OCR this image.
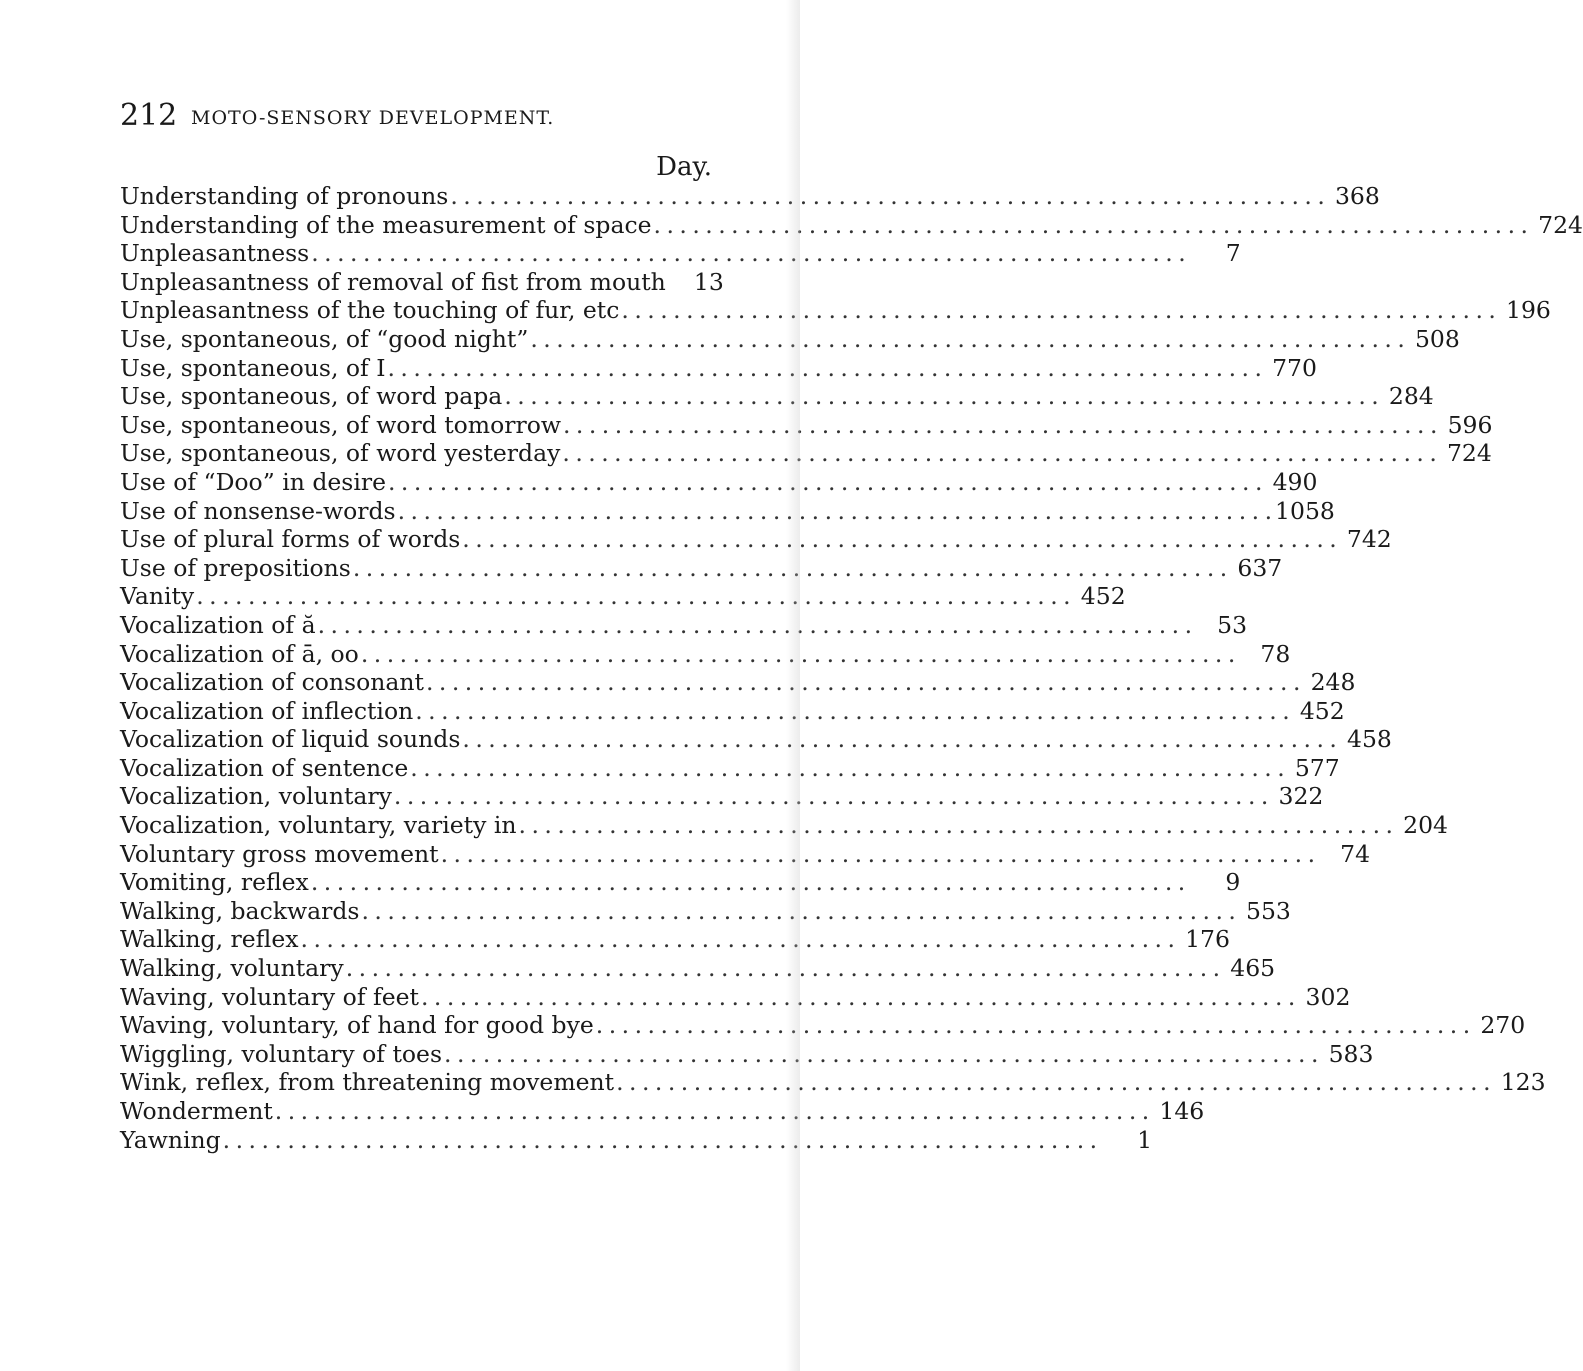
212 MOTO-SENSORY DEVELOPMENT.
Day.
Understanding of pronouns . . .	368
Understanding of the measurement of space . . .	724
Unpleasantness . . .	7
Unpleasantness of removal of fist from mouth	13
Unpleasantness of the touching of fur, etc . . .	196
Use, spontaneous, of “good night” . . .	508
Use, spontaneous, of I . . .	770
Use, spontaneous, of word papa . . .	284
Use, spontaneous, of word tomorrow . . .	596
Use, spontaneous, of word yesterday . . .	724
Use of “Doo” in desire . . .	490
Use of nonsense-words . . .	1058
Use of plural forms of words . . .	742
Use of prepositions . . .	637
Vanity . . .	452
Vocalization of ă . . .	53
Vocalization of ā, oo . . .	78
Vocalization of consonant . . .	248
Vocalization of inflection . . .	452
Vocalization of liquid sounds . . .	458
Vocalization of sentence . . .	577
Vocalization, voluntary . . .	322
Vocalization, voluntary, variety in . . .	204
Voluntary gross movement . . .	74
Vomiting, reflex . . .	9
Walking, backwards . . .	553
Walking, reflex . . .	176
Walking, voluntary . . .	465
Waving, voluntary of feet . . .	302
Waving, voluntary, of hand for good bye . . .	270
Wiggling, voluntary of toes . . .	583
Wink, reflex, from threatening movement . . .	123
Wonderment . . .	146
Yawning . . .	1
